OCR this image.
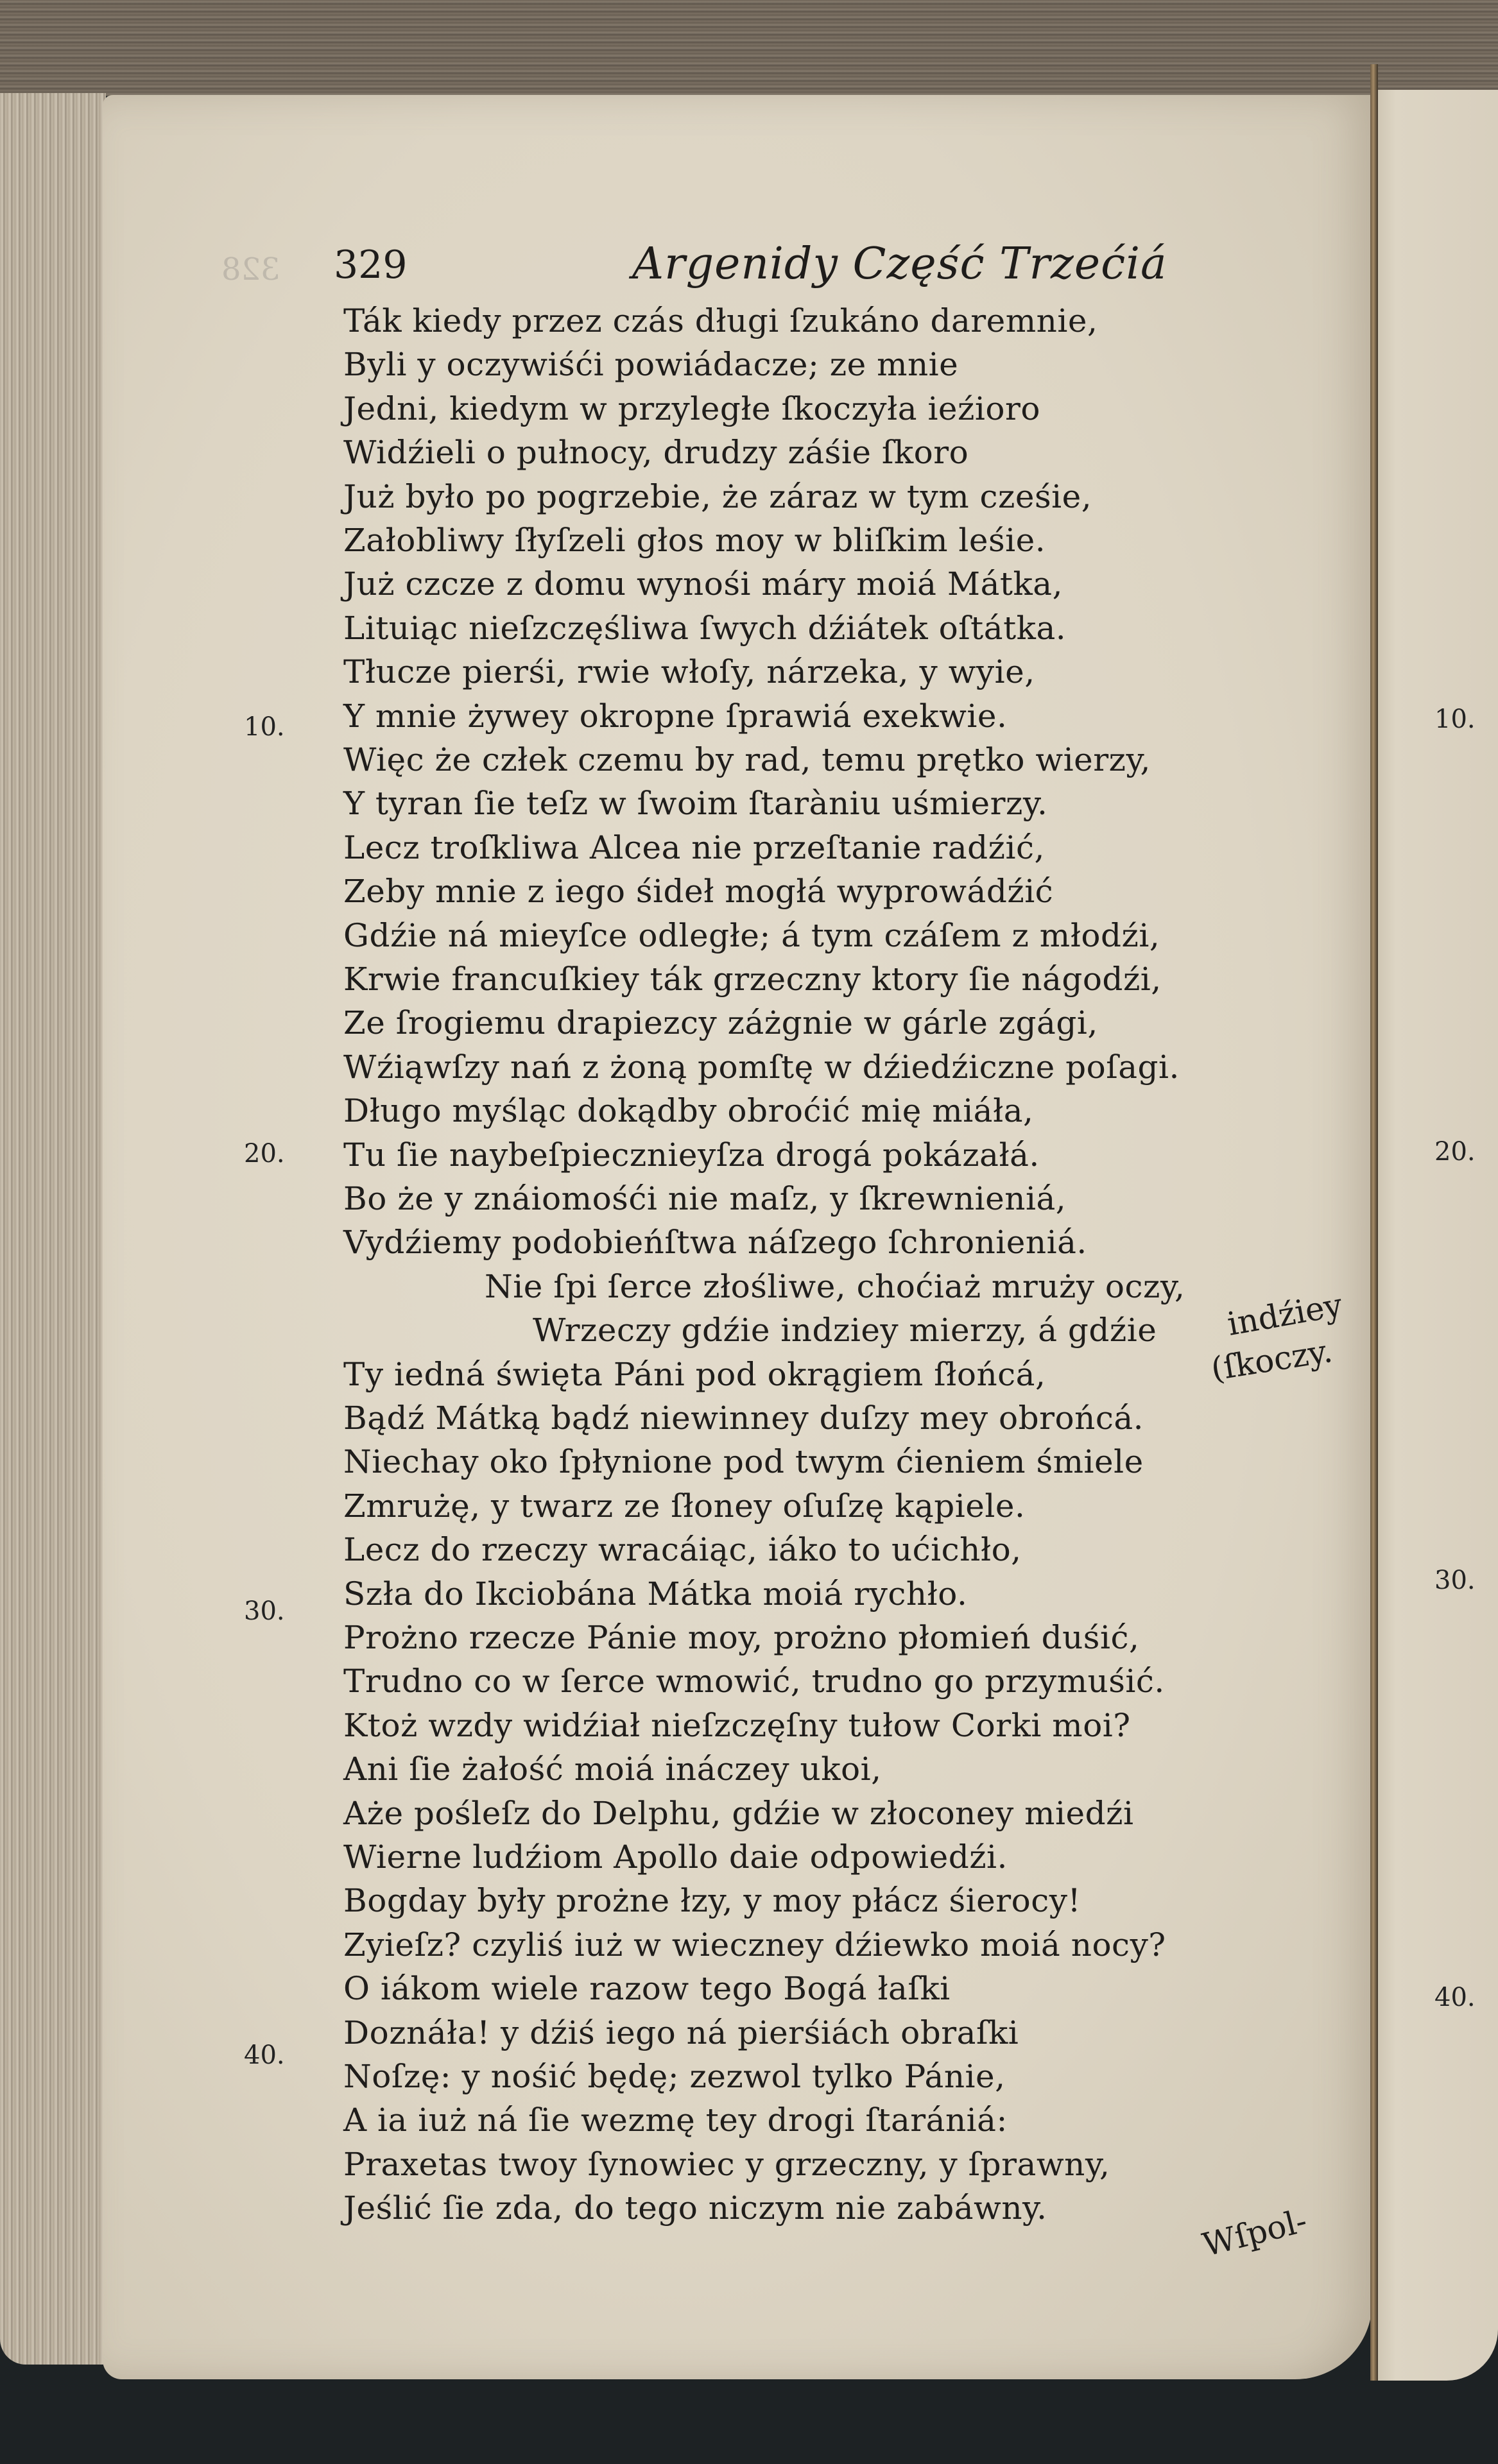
328 329	Argenidy Część Trzećiá
Ták kiedy przez czás długi ſzukáno daremnie,
Byli y oczywiśći powiádacze; ze mnie
Jedni, kiedym w przyległe ſkoczyła ieźioro
Widźieli o pułnocy, drudzy záśie ſkoro
Już było po pogrzebie, że záraz w tym cześie,
Załobliwy ſłyſzeli głos moy w bliſkim leśie.
Już czcze z domu wynośi máry moiá Mátka,
Lituiąc nieſzczęśliwa ſwych dźiátek oſtátka.
Tłucze pierśi, rwie włoſy, nárzeka, y wyie,
Y mnie żywey okropne ſprawiá exekwie.
Więc że człek czemu by rad, temu prętko wierzy,
Y tyran ſie teſz w ſwoim ſtaràniu uśmierzy.
Lecz troſkliwa Alcea nie przeſtanie radźić,
Zeby mnie z iego śideł mogłá wyprowádźić
Gdźie ná mieyſce odległe; á tym czáſem z młodźi,
Krwie francuſkiey ták grzeczny ktory ſie nágodźi,
Ze ſrogiemu drapiezcy záżgnie w gárle zgági,
Wźiąwſzy nań z żoną pomſtę w dźiedźiczne poſagi.
Długo myśląc dokądby obroćić mię miáła,
Tu ſie naybeſpiecznieyſza drogá pokázałá.
Bo że y znáiomośći nie maſz, y ſkrewnieniá,
Vydźiemy podobieńſtwa náſzego ſchronieniá.
Nie ſpi ſerce złośliwe, choćiaż mruży oczy,
Wrzeczy gdźie indziey mierzy, á gdźie
Ty iedná święta Páni pod okrągiem ſłońcá,
Bądź Mátką bądź niewinney duſzy mey obrońcá.
Niechay oko ſpłynione pod twym ćieniem śmiele
Zmrużę, y twarz ze ſłoney oſuſzę kąpiele.
Lecz do rzeczy wracáiąc, iáko to ućichło,
Szła do Ikciobána Mátka moiá rychło.
Prożno rzecze Pánie moy, prożno płomień duśić,
Trudno co w ſerce wmowić, trudno go przymuśić.
Ktoż wzdy widźiał nieſzczęſny tułow Corki moi?
Ani ſie żałość moiá ináczey ukoi,
Aże pośleſz do Delphu, gdźie w złoconey miedźi
Wierne ludźiom Apollo daie odpowiedźi.
Bogday były prożne łzy, y moy płácz śierocy!
Zyieſz? czyliś iuż w wieczney dźiewko moiá nocy?
O iákom wiele razow tego Bogá łaſki
Doznáła! y dźiś iego ná pierśiách obraſki
Noſzę: y nośić będę; zezwol tylko Pánie,
A ia iuż ná ſie wezmę tey drogi ſtarániá:
Praxetas twoy ſynowiec y grzeczny, y ſprawny,
Jeślić ſie zda, do tego niczym nie zabáwny.
indźiey
(ſkoczy.
10.
20.
30.
40.
10.
20.
30.
40.
Wſpol-
